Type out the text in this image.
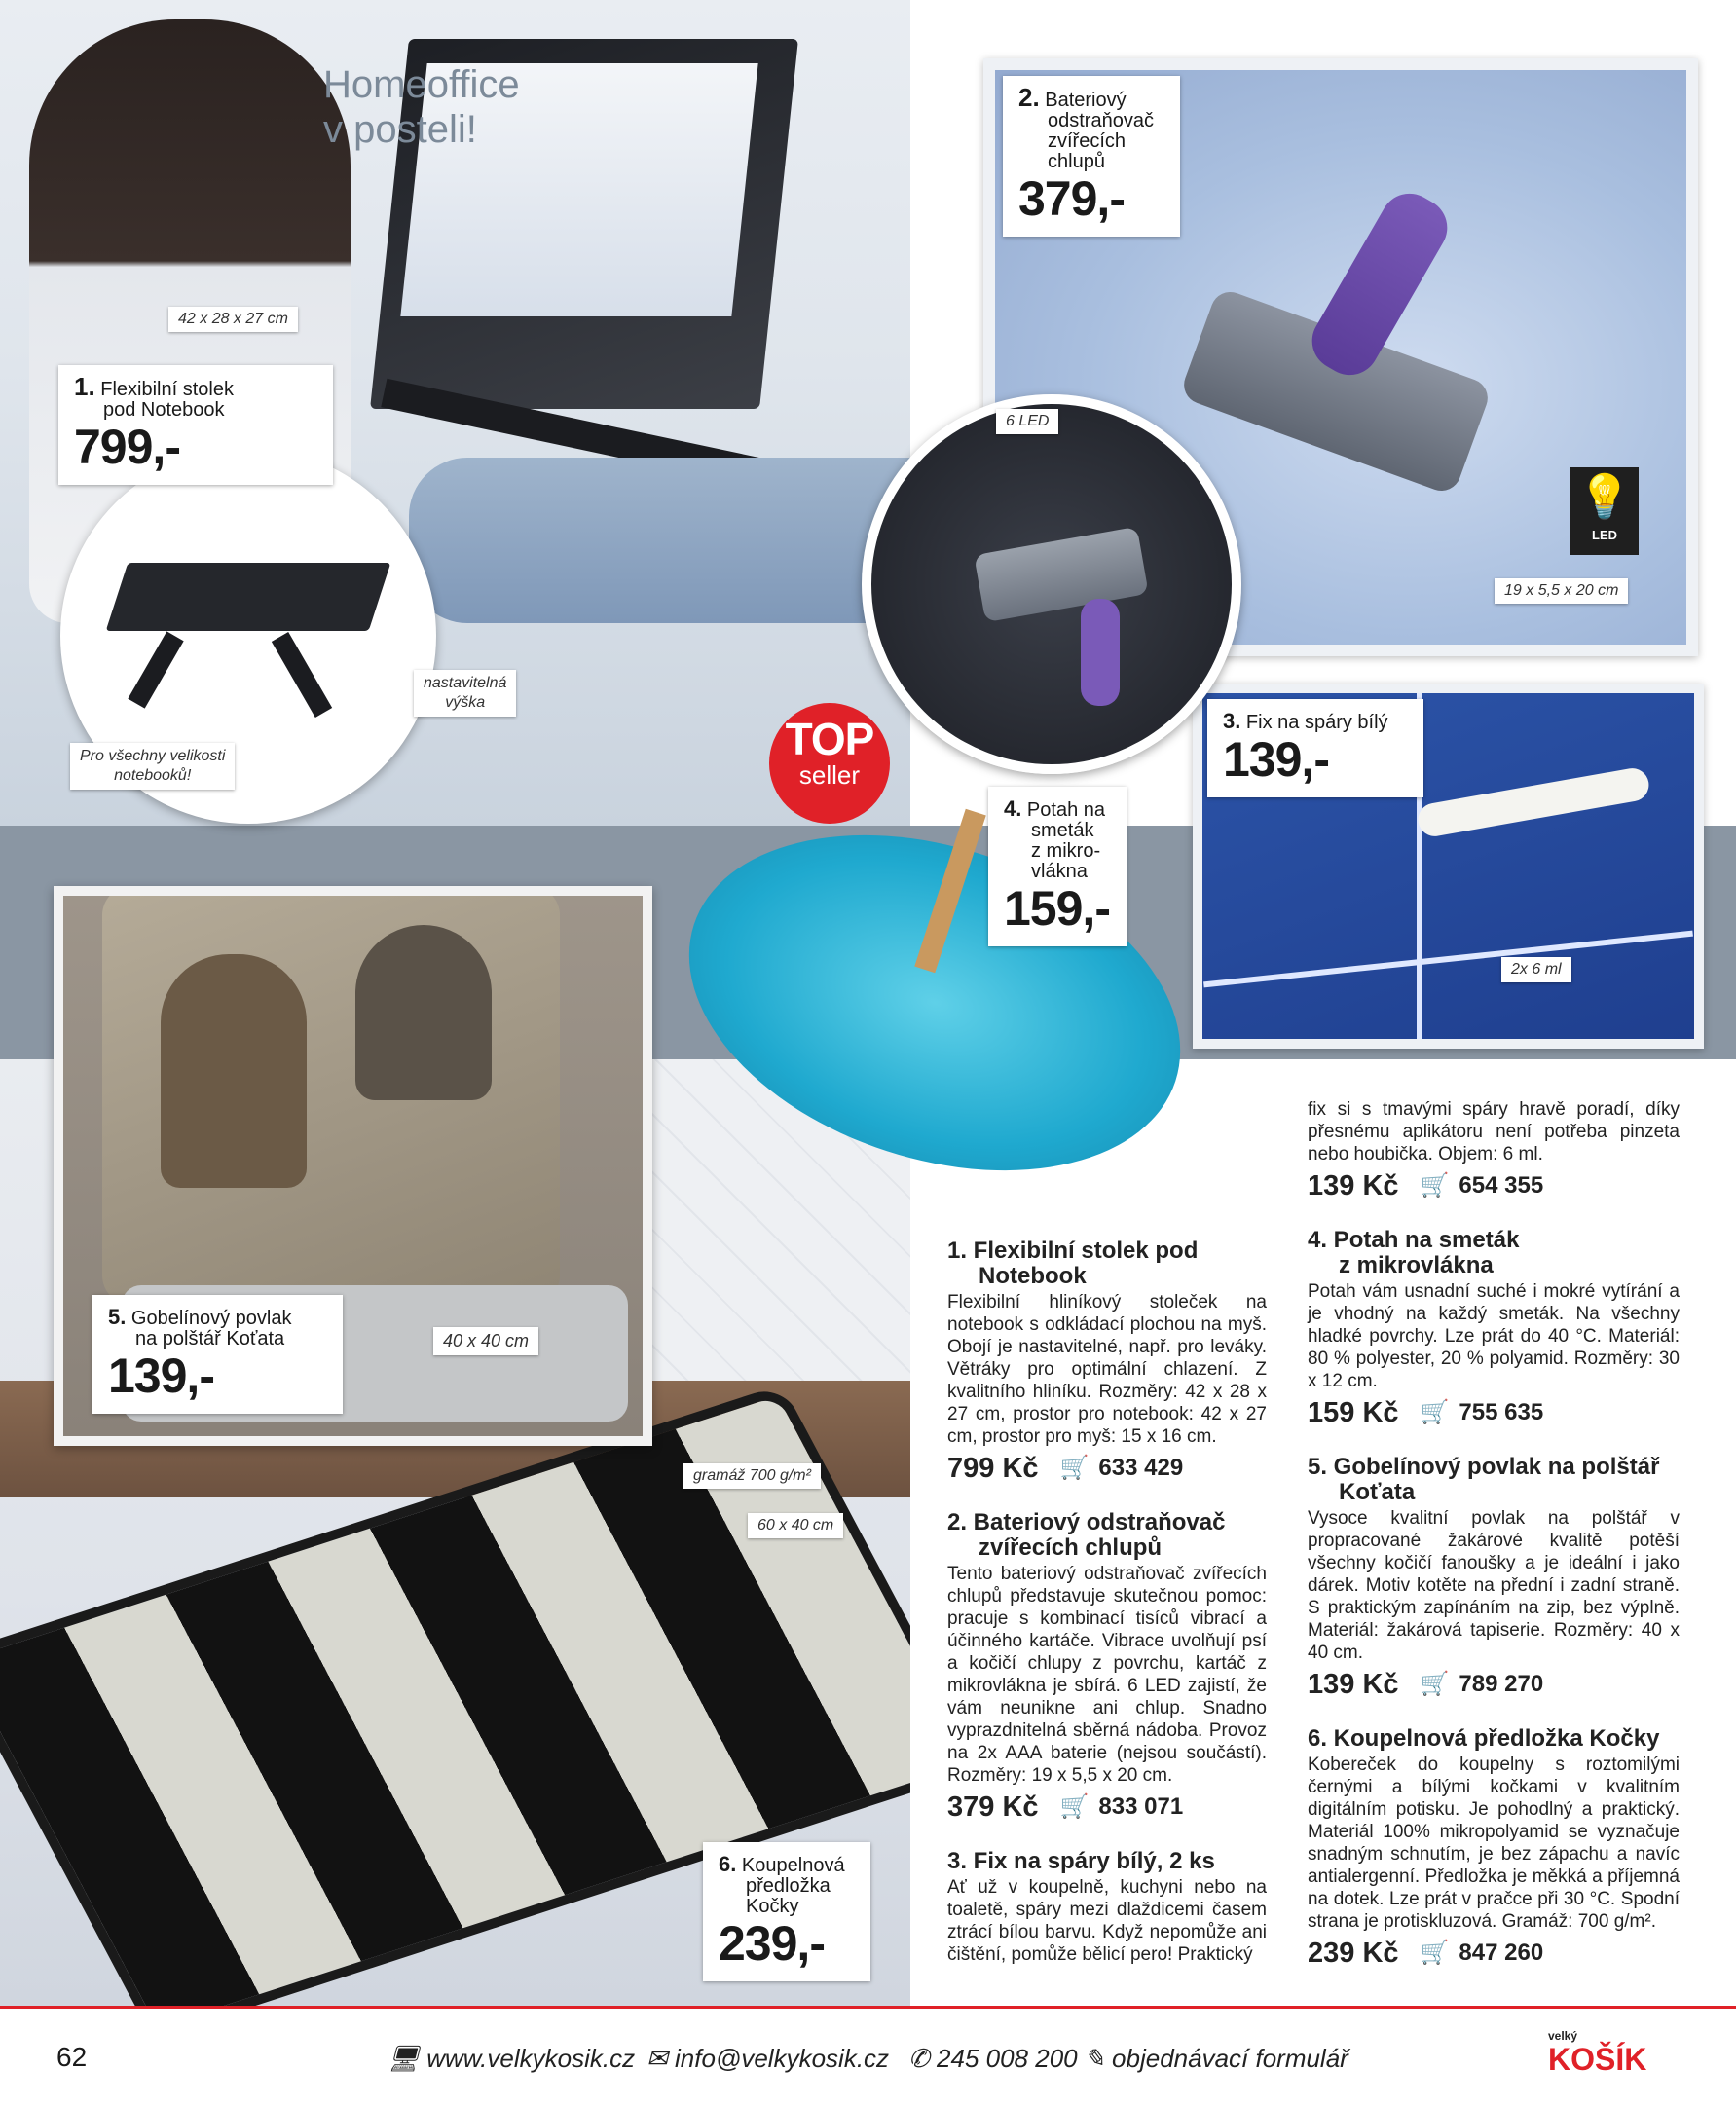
Homeoffice
v posteli!
TOP
seller
💡
LED
42 x 28 x 27 cm
nastavitelná
výška
Pro všechny velikosti
notebooků!
6 LED
19 x 5,5 x 20 cm
2x 6 ml
40 x 40 cm
gramáž 700 g/m²
60 x 40 cm
1. Flexibilní stolek
pod Notebook
799,-
2. Bateriový
odstraňovač
zvířecích
chlupů
379,-
3. Fix na spáry bílý
139,-
4. Potah na
smeták
z mikro-
vlákna
159,-
5. Gobelínový povlak
na polštář Koťata
139,-
6. Koupelnová
předložka
Kočky
239,-
1. Flexibilní stolek pod
Notebook

Flexibilní hliníkový stoleček na notebook s odkládací plochou na myš. Obojí je nastavitelné, např. pro leváky. Větráky pro optimální chlazení. Z kvalitního hliníku. Rozměry: 42 x 28 x 27 cm, prostor pro notebook: 42 x 27 cm, prostor pro myš: 15 x 16 cm.

799 Kč 🛒 633 429
2. Bateriový odstraňovač
zvířecích chlupů

Tento bateriový odstraňovač zvířecích chlupů představuje skutečnou pomoc: pracuje s kombinací tisíců vibrací a účinného kartáče. Vibrace uvolňují psí a kočičí chlupy z povrchu, kartáč z mikrovlákna je sbírá. 6 LED zajistí, že vám neunikne ani chlup. Snadno vyprazdnitelná sběrná nádoba. Provoz na 2x AAA baterie (nejsou součástí). Rozměry: 19 x 5,5 x 20 cm.

379 Kč 🛒 833 071
3. Fix na spáry bílý, 2 ks

Ať už v koupelně, kuchyni nebo na toaletě, spáry mezi dlaždicemi časem ztrácí bílou barvu. Když nepomůže ani čištění, pomůže bělicí pero! Praktický

fix si s tmavými spáry hravě poradí, díky přesnému aplikátoru není potřeba pinzeta nebo houbička. Objem: 6 ml.

139 Kč 🛒 654 355
4. Potah na smeták
z mikrovlákna

Potah vám usnadní suché i mokré vytírání a je vhodný na každý smeták. Na všechny hladké povrchy. Lze prát do 40 °C. Materiál: 80 % polyester, 20 % polyamid. Rozměry: 30 x 12 cm.

159 Kč 🛒 755 635
5. Gobelínový povlak na polštář
Koťata

Vysoce kvalitní povlak na polštář v propracované žakárové kvalitě potěší všechny kočičí fanoušky a je ideální i jako dárek. Motiv kotěte na přední i zadní straně. S praktickým zapínáním na zip, bez výplně. Materiál: žakárová tapiserie. Rozměry: 40 x 40 cm.

139 Kč 🛒 789 270
6. Koupelnová předložka Kočky

Kobereček do koupelny s roztomilými černými a bílými kočkami v kvalitním digitálním potisku. Je pohodlný a praktický. Materiál 100% mikropolyamid se vyznačuje snadným schnutím, je bez zápachu a navíc antialergenní. Předložka je měkká a příjemná na dotek. Lze prát v pračce při 30 °C. Spodní strana je protiskluzová. Gramáž: 700 g/m².

239 Kč 🛒 847 260
62	🖥 www.velkykosik.cz ✉ info@velkykosik.cz ✆ 245 008 200 ✎ objednávací formulář
velký
KOŠÍK
